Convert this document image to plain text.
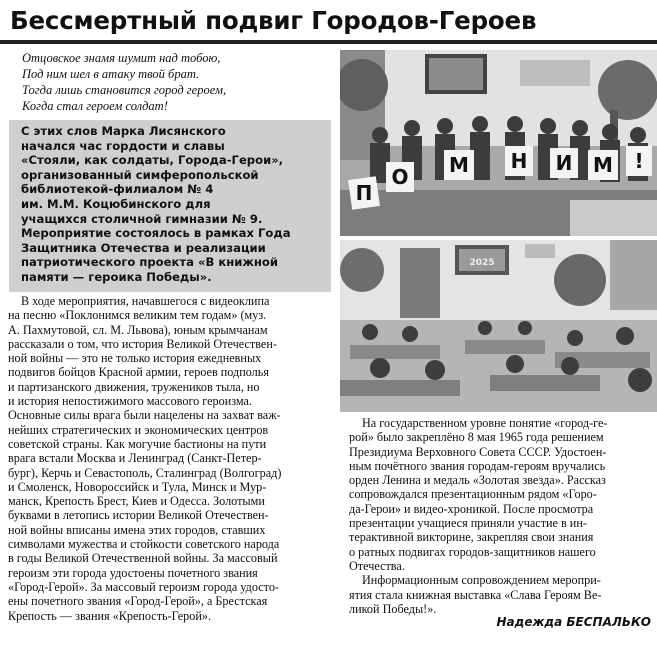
Бессмертный подвиг Городов-Героев
Отцовское знамя шумит над тобою,
Под ним шел в атаку твой брат.
Тогда лишь становится город героем,
Когда стал героем солдат!
С этих слов Марка Лисянского
начался час гордости и славы
«Стояли, как солдаты, Города-Герои»,
организованный симферопольской
библиотекой-филиалом № 4
им. М.М. Коцюбинского для
учащихся столичной гимназии № 9.
Мероприятие состоялось в рамках Года
Защитника Отечества и реализации
патриотического проекта «В книжной
памяти — героика Победы».
В ходе мероприятия, начавшегося с видеоклипа
на песню «Поклонимся великим тем годам» (муз.
А. Пахмутовой, сл. М. Львова), юным крымчанам
рассказали о том, что история Великой Отечествен-
ной войны — это не только история ежедневных
подвигов бойцов Красной армии, героев подполья
и партизанского движения, тружеников тыла, но
и история непостижимого массового героизма.
Основные силы врага были нацелены на захват важ-
нейших стратегических и экономических центров
советской страны. Как могучие бастионы на пути
врага встали Москва и Ленинград (Санкт-Петер-
бург), Керчь и Севастополь, Сталинград (Волгоград)
и Смоленск, Новороссийск и Тула, Минск и Мур-
манск, Крепость Брест, Киев и Одесса. Золотыми
буквами в летопись истории Великой Отечествен-
ной войны вписаны имена этих городов, ставших
символами мужества и стойкости советского народа
в годы Великой Отечественной войны. За массовый
героизм эти города удостоены почетного звания
«Город-Герой». За массовый героизм города удосто-
ены почетного звания «Город-Герой», а Брестская
Крепость — звания «Крепость-Герой».
П
О М Н И М !
2025
На государственном уровне понятие «город-ге-
рой» было закреплёно 8 мая 1965 года решением
Президиума Верховного Совета СССР. Удостоен-
ным почётного звания городам-героям вручались
орден Ленина и медаль «Золотая звезда». Рассказ
сопровождался презентационным рядом «Горо-
да-Герои» и видео-хроникой. После просмотра
презентации учащиеся приняли участие в ин-
терактивной викторине, закрепляя свои знания
о ратных подвигах городов-защитников нашего
Отечества.
Информационным сопровождением меропри-
ятия стала книжная выставка «Слава Героям Ве-
ликой Победы!».
Надежда БЕСПАЛЬКО
